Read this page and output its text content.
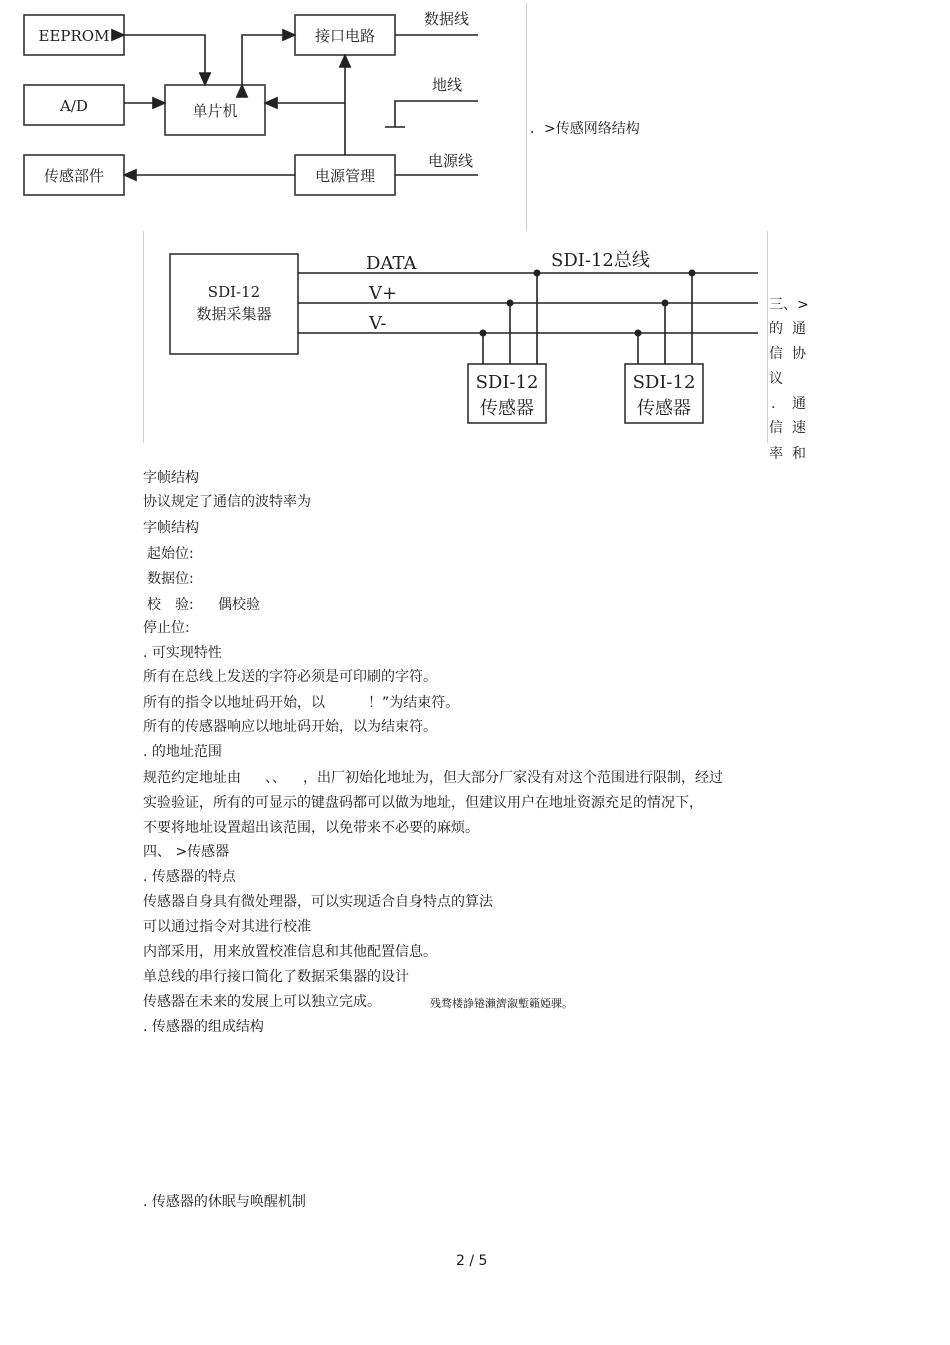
EEPROM
A/D
传感部件
单片机
接口电路
电源管理
数据线
地线
电源线
．>传感网络结构
SDI-12
数据采集器
SDI-12
传感器
SDI-12
传感器
DATA
V+
V-
SDI-12总线
三、>
的 通
信 协
议
. 通
信 速
率 和
字帧结构
协议规定了通信的波特率为
字帧结构
起始位:
数据位:
校　验: 偶校验
停止位:
. 可实现特性
所有在总线上发送的字符必须是可印刷的字符。
所有的指令以地址码开始，以	！”为结束符。
所有的传感器响应以地址码开始，以为结束符。
. 的地址范围
规范约定地址由 、、 ，出厂初始化地址为，但大部分厂家没有对这个范围进行限制，经过
实验验证，所有的可显示的键盘码都可以做为地址，但建议用户在地址资源充足的情况下，
不要将地址设置超出该范围，以免带来不必要的麻烦。
四、 >传感器
. 传感器的特点
传感器自身具有微处理器，可以实现适合自身特点的算法
可以通过指令对其进行校准
内部采用，用来放置校准信息和其他配置信息。
单总线的串行接口简化了数据采集器的设计
传感器在未来的发展上可以独立完成。	残骛楼諍锩瀨濟溆塹籟婭骒。
. 传感器的组成结构
. 传感器的休眠与唤醒机制
2 / 5
